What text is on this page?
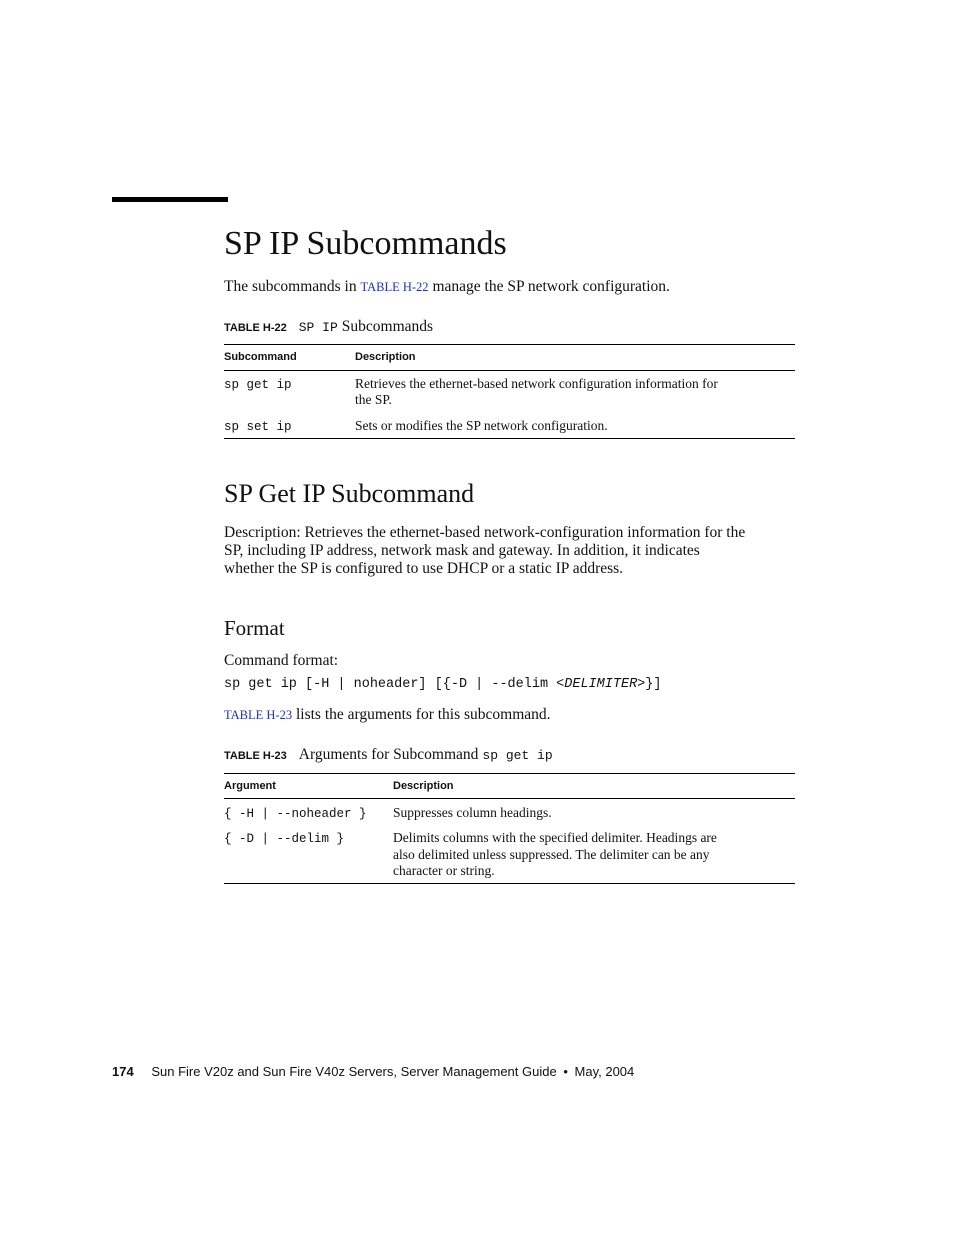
SP IP Subcommands

The subcommands in TABLE H-22 manage the SP network configuration.

TABLE H-22 SP IP Subcommands
Subcommand	Description
sp get ip	Retrieves the ethernet-based network configuration information for
the SP.
sp set ip	Sets or modifies the SP network configuration.
SP Get IP Subcommand

Description: Retrieves the ethernet-based network-configuration information for the

SP, including IP address, network mask and gateway. In addition, it indicates

whether the SP is configured to use DHCP or a static IP address.

Format

Command format:

sp get ip [-H | noheader] [{-D | --delim <DELIMITER>}]

TABLE H-23 lists the arguments for this subcommand.

TABLE H-23 Arguments for Subcommand sp get ip
Argument	Description
{ -H | --noheader } Suppresses column headings.
{ -D | --delim }	Delimits columns with the specified delimiter. Headings are
also delimited unless suppressed. The delimiter can be any
character or string.
174 Sun Fire V20z and Sun Fire V40z Servers, Server Management Guide • May, 2004
